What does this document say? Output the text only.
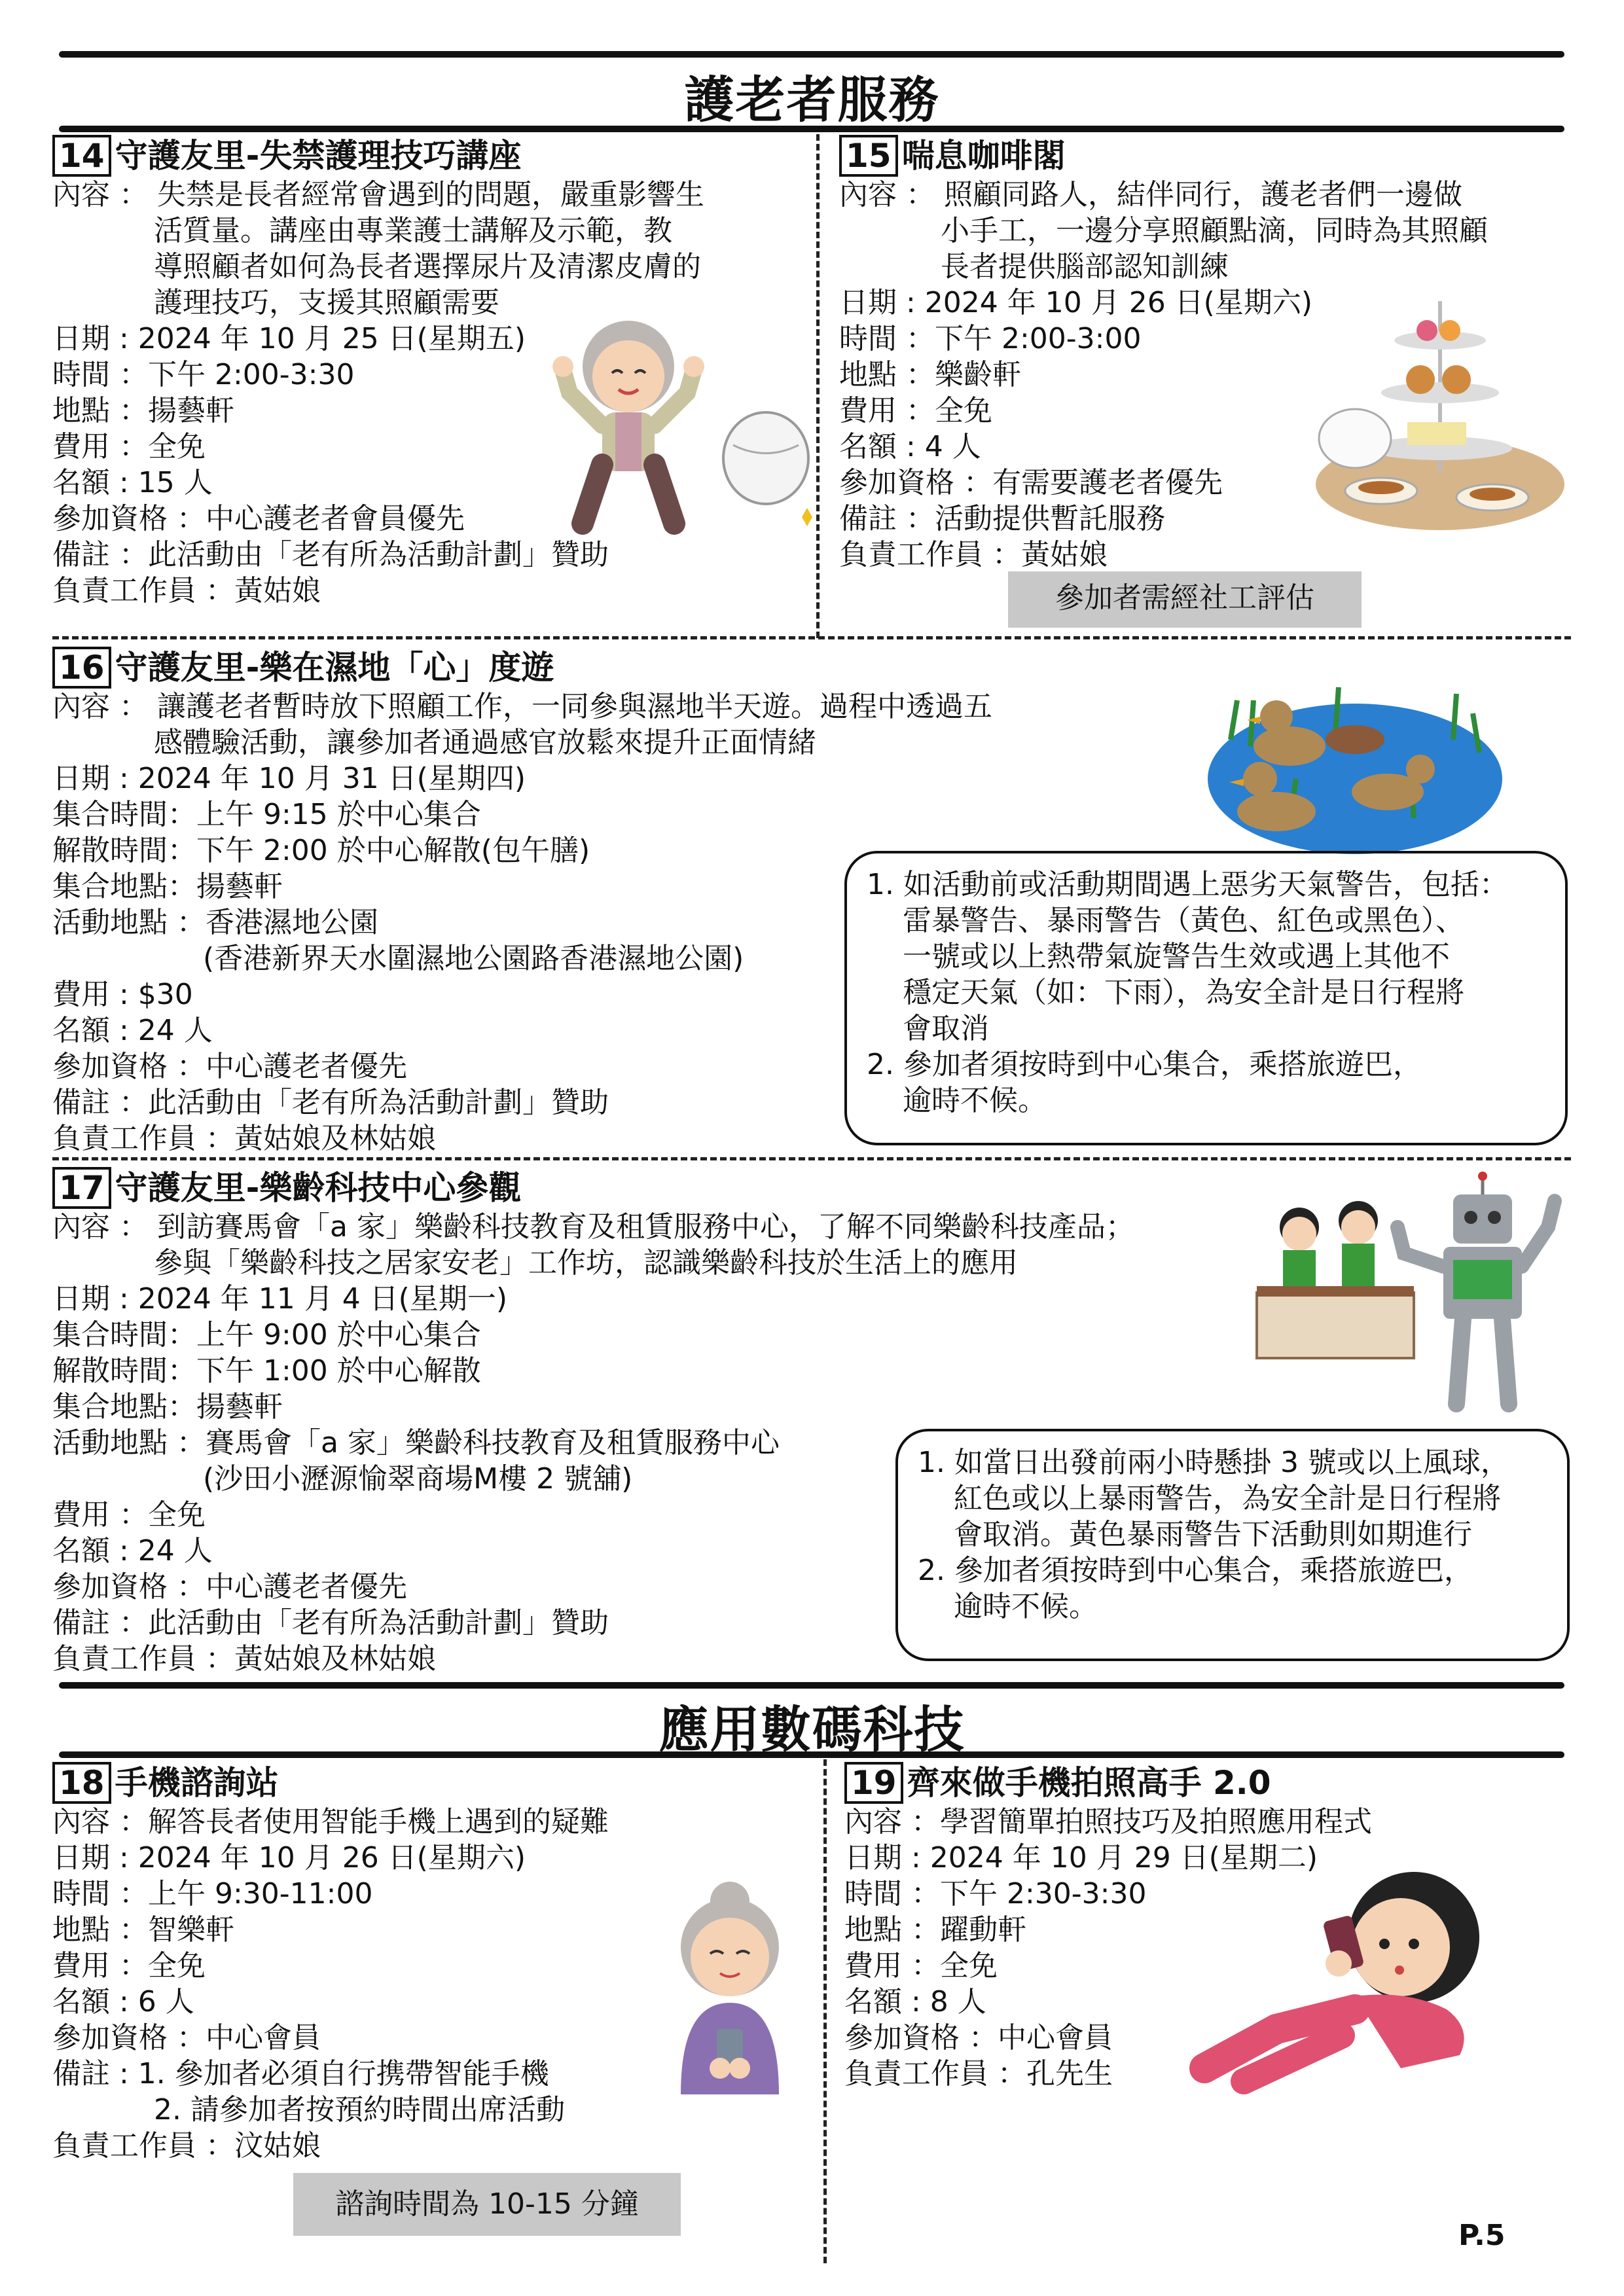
護老者服務
14 守護友里-失禁護理技巧講座
內容 ： 失禁是長者經常會遇到的問題，嚴重影響生
活質量。講座由專業護士講解及示範，教
導照顧者如何為長者選擇尿片及清潔皮膚的
護理技巧，支援其照顧需要
日期 : 2024 年 10 月 25 日(星期五)
時間 ：下午 2:00-3:30
地點 ：揚藝軒
費用 ：全免
名額 : 15 人
參加資格 ：中心護老者會員優先
備註 ：此活動由「老有所為活動計劃」贊助
負責工作員 ：黃姑娘
15 喘息咖啡閣
內容 ： 照顧同路人，結伴同行，護老者們一邊做
小手工，一邊分享照顧點滴，同時為其照顧
長者提供腦部認知訓練
日期 : 2024 年 10 月 26 日(星期六)
時間 ：下午 2:00-3:00
地點 ：樂齡軒
費用 ：全免
名額 : 4 人
參加資格 ：有需要護老者優先
備註 ：活動提供暫託服務
負責工作員 ：黃姑娘
參加者需經社工評估
16 守護友里-樂在濕地「心」度遊
內容 ： 讓護老者暫時放下照顧工作，一同參與濕地半天遊。過程中透過五
感體驗活動，讓參加者通過感官放鬆來提升正面情緒
日期 : 2024 年 10 月 31 日(星期四)
集合時間：上午 9:15 於中心集合
解散時間：下午 2:00 於中心解散(包午膳)
集合地點：揚藝軒
活動地點 ：香港濕地公園
(香港新界天水圍濕地公園路香港濕地公園)
費用 : $30
名額 : 24 人
參加資格 ：中心護老者優先
備註 ：此活動由「老有所為活動計劃」贊助
負責工作員 ：黃姑娘及林姑娘
1. 如活動前或活動期間遇上惡劣天氣警告，包括：
雷暴警告、暴雨警告（黃色、紅色或黑色）、
一號或以上熱帶氣旋警告生效或遇上其他不
穩定天氣（如：下雨），為安全計是日行程將
會取消
2. 參加者須按時到中心集合，乘搭旅遊巴，
逾時不候。
17 守護友里-樂齡科技中心參觀
內容 ： 到訪賽馬會「a 家」樂齡科技教育及租賃服務中心，了解不同樂齡科技產品；
參與「樂齡科技之居家安老」工作坊，認識樂齡科技於生活上的應用
日期 : 2024 年 11 月 4 日(星期一)
集合時間：上午 9:00 於中心集合
解散時間：下午 1:00 於中心解散
集合地點：揚藝軒
活動地點 ：賽馬會「a 家」樂齡科技教育及租賃服務中心
(沙田小瀝源愉翠商場M樓 2 號舖)
費用 ：全免
名額 : 24 人
參加資格 ：中心護老者優先
備註 ：此活動由「老有所為活動計劃」贊助
負責工作員 ：黃姑娘及林姑娘
1. 如當日出發前兩小時懸掛 3 號或以上風球，
紅色或以上暴雨警告，為安全計是日行程將
會取消。黃色暴雨警告下活動則如期進行
2. 參加者須按時到中心集合，乘搭旅遊巴，
逾時不候。
應用數碼科技
18 手機諮詢站
內容 ：解答長者使用智能手機上遇到的疑難
日期 : 2024 年 10 月 26 日(星期六)
時間 ：上午 9:30-11:00
地點 ：智樂軒
費用 ：全免
名額 : 6 人
參加資格 ：中心會員
備註 : 1. 參加者必須自行携帶智能手機
2. 請參加者按預約時間出席活動
負責工作員 ：汶姑娘
諮詢時間為 10-15 分鐘
19 齊來做手機拍照高手 2.0
內容 ：學習簡單拍照技巧及拍照應用程式
日期 : 2024 年 10 月 29 日(星期二)
時間 ：下午 2:30-3:30
地點 ：躍動軒
費用 ：全免
名額 : 8 人
參加資格 ：中心會員
負責工作員 ：孔先生
P.5
